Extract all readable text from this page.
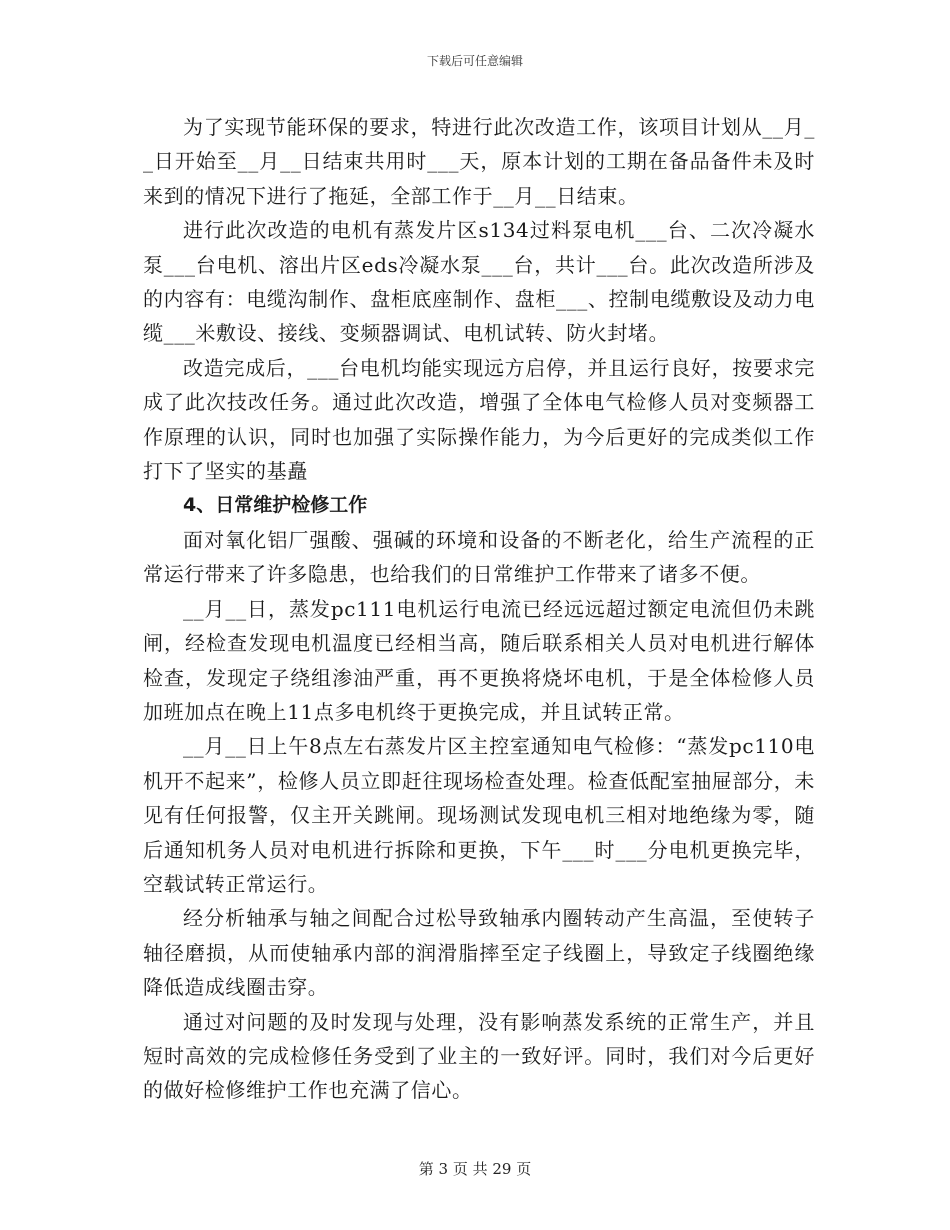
下载后可任意编辑

为了实现节能环保的要求，特进行此次改造工作，该项目计划从__月__日开始至__月__日结束共用时___天，原本计划的工期在备品备件未及时来到的情况下进行了拖延，全部工作于__月__日结束。

进行此次改造的电机有蒸发片区s134过料泵电机___台、二次冷凝水泵___台电机、溶出片区eds冷凝水泵___台，共计___台。此次改造所涉及的内容有：电缆沟制作、盘柜底座制作、盘柜___、控制电缆敷设及动力电缆___米敷设、接线、变频器调试、电机试转、防火封堵。

改造完成后，___台电机均能实现远方启停，并且运行良好，按要求完成了此次技改任务。通过此次改造，增强了全体电气检修人员对变频器工作原理的认识，同时也加强了实际操作能力，为今后更好的完成类似工作打下了坚实的基矗

4、日常维护检修工作

面对氧化铝厂强酸、强碱的环境和设备的不断老化，给生产流程的正常运行带来了许多隐患，也给我们的日常维护工作带来了诸多不便。

__月__日，蒸发pc111电机运行电流已经远远超过额定电流但仍未跳闸，经检查发现电机温度已经相当高，随后联系相关人员对电机进行解体检查，发现定子绕组渗油严重，再不更换将烧坏电机，于是全体检修人员加班加点在晚上11点多电机终于更换完成，并且试转正常。

__月__日上午8点左右蒸发片区主控室通知电气检修：“蒸发pc110电机开不起来”，检修人员立即赶往现场检查处理。检查低配室抽屉部分，未见有任何报警，仅主开关跳闸。现场测试发现电机三相对地绝缘为零，随后通知机务人员对电机进行拆除和更换，下午___时___分电机更换完毕，空载试转正常运行。

经分析轴承与轴之间配合过松导致轴承内圈转动产生高温，至使转子轴径磨损，从而使轴承内部的润滑脂摔至定子线圈上，导致定子线圈绝缘降低造成线圈击穿。

通过对问题的及时发现与处理，没有影响蒸发系统的正常生产，并且短时高效的完成检修任务受到了业主的一致好评。同时，我们对今后更好的做好检修维护工作也充满了信心。

第 3 页 共 29 页
